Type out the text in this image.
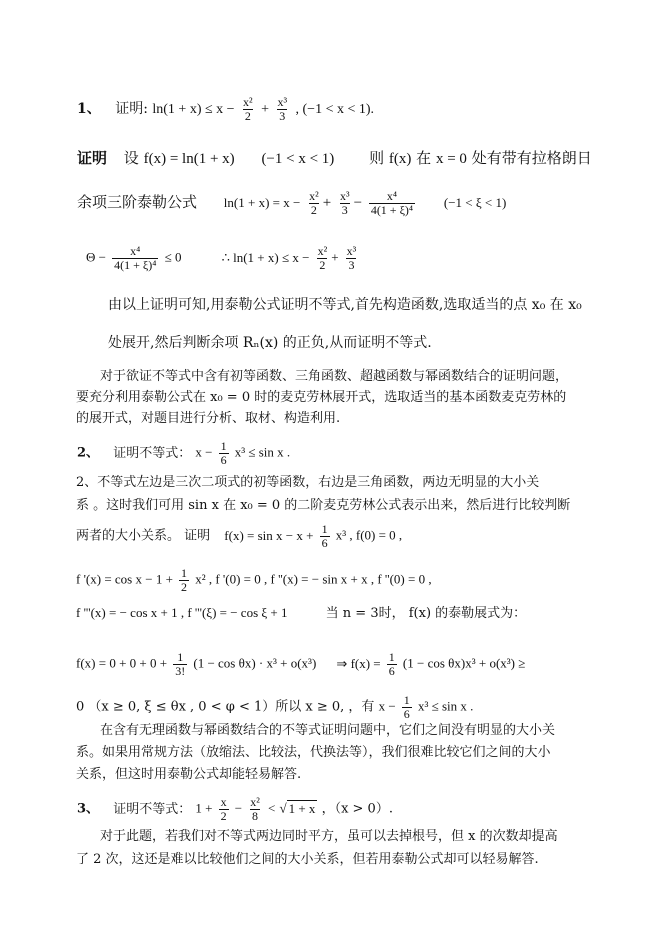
1、 证明: $\ln(1 + x) \le x - \frac{\text{x²}}{2} + \frac{\text{x³}}{3}$ , (−1 < x < 1).
证明 设 f(x) = ln(1 + x) (−1 < x < 1) 则 f(x) 在 x = 0 处有带有拉格朗日
余项三阶泰勒公式 $\ln(1 + x) = x - \frac{\text{x²}}{2} + \frac{\text{x³}}{3} - \frac{\text{x⁴}}{\text{4(1 + ξ)⁴}} (-1 < \xi < 1)$
$\Theta - \frac{\text{x⁴}}{\text{4(1 + ξ)⁴}} \le 0$	∴ $\ln(1 + x) \le x - \frac{\text{x²}}{2} + \frac{\text{x³}}{3}$
由以上证明可知,用泰勒公式证明不等式,首先构造函数,选取适当的点 x₀ 在 x₀
处展开,然后判断余项 Rₙ(x) 的正负,从而证明不等式.
对于欲证不等式中含有初等函数、三角函数、超越函数与幂函数结合的证明问题，
要充分利用泰勒公式在 x₀ = 0 时的麦克劳林展开式，选取适当的基本函数麦克劳林的
的展开式，对题目进行分析、取材、构造利用.
2、 证明不等式： $x - \frac{1}{6} x^3 \le \sin x$ .
2、不等式左边是三次二项式的初等函数，右边是三角函数，两边无明显的大小关
系 。这时我们可用 sin x 在 x₀ = 0 的二阶麦克劳林公式表示出来，然后进行比较判断
两者的大小关系。 证明 $f(x) = \sin x - x + \frac{1}{6} x^3$ , f(0) = 0 ,
f '$(x) = \cos x - 1 + \frac{1}{2} x^2$ , f '(0) = 0 , f ''(x) = − sin x + x , f ''(0) = 0 ,
f '''(x) = − cos x + 1 , f '''(ξ) = − cos ξ + 1	当 n = 3时， f(x) 的泰勒展式为：
$f(x) = 0 + 0 + 0 + \frac{1}{3!} (1 - \cos \theta x) \cdot x^3 + o(x^3)$ ⇒ $f(x) = \frac{1}{6} (1 - \cos \theta x)x^3 + o(x^3)$ ≥
0 （x ≥ 0, ξ ≤ θx , 0 < φ < 1）所以 x ≥ 0, ，有 $x - \frac{1}{6} x^3 \le \sin x$ .
在含有无理函数与幂函数结合的不等式证明问题中，它们之间没有明显的大小关
系。如果用常规方法（放缩法、比较法，代换法等），我们很难比较它们之间的大小
关系，但这时用泰勒公式却能轻易解答.
3、 证明不等式： $1 + \frac{x}{2} - \frac{\text{x²}}{8}$ < √ 1 + x ，（x > 0）.
对于此题，若我们对不等式两边同时平方，虽可以去掉根号，但 x 的次数却提高
了 2 次，这还是难以比较他们之间的大小关系，但若用泰勒公式却可以轻易解答.
